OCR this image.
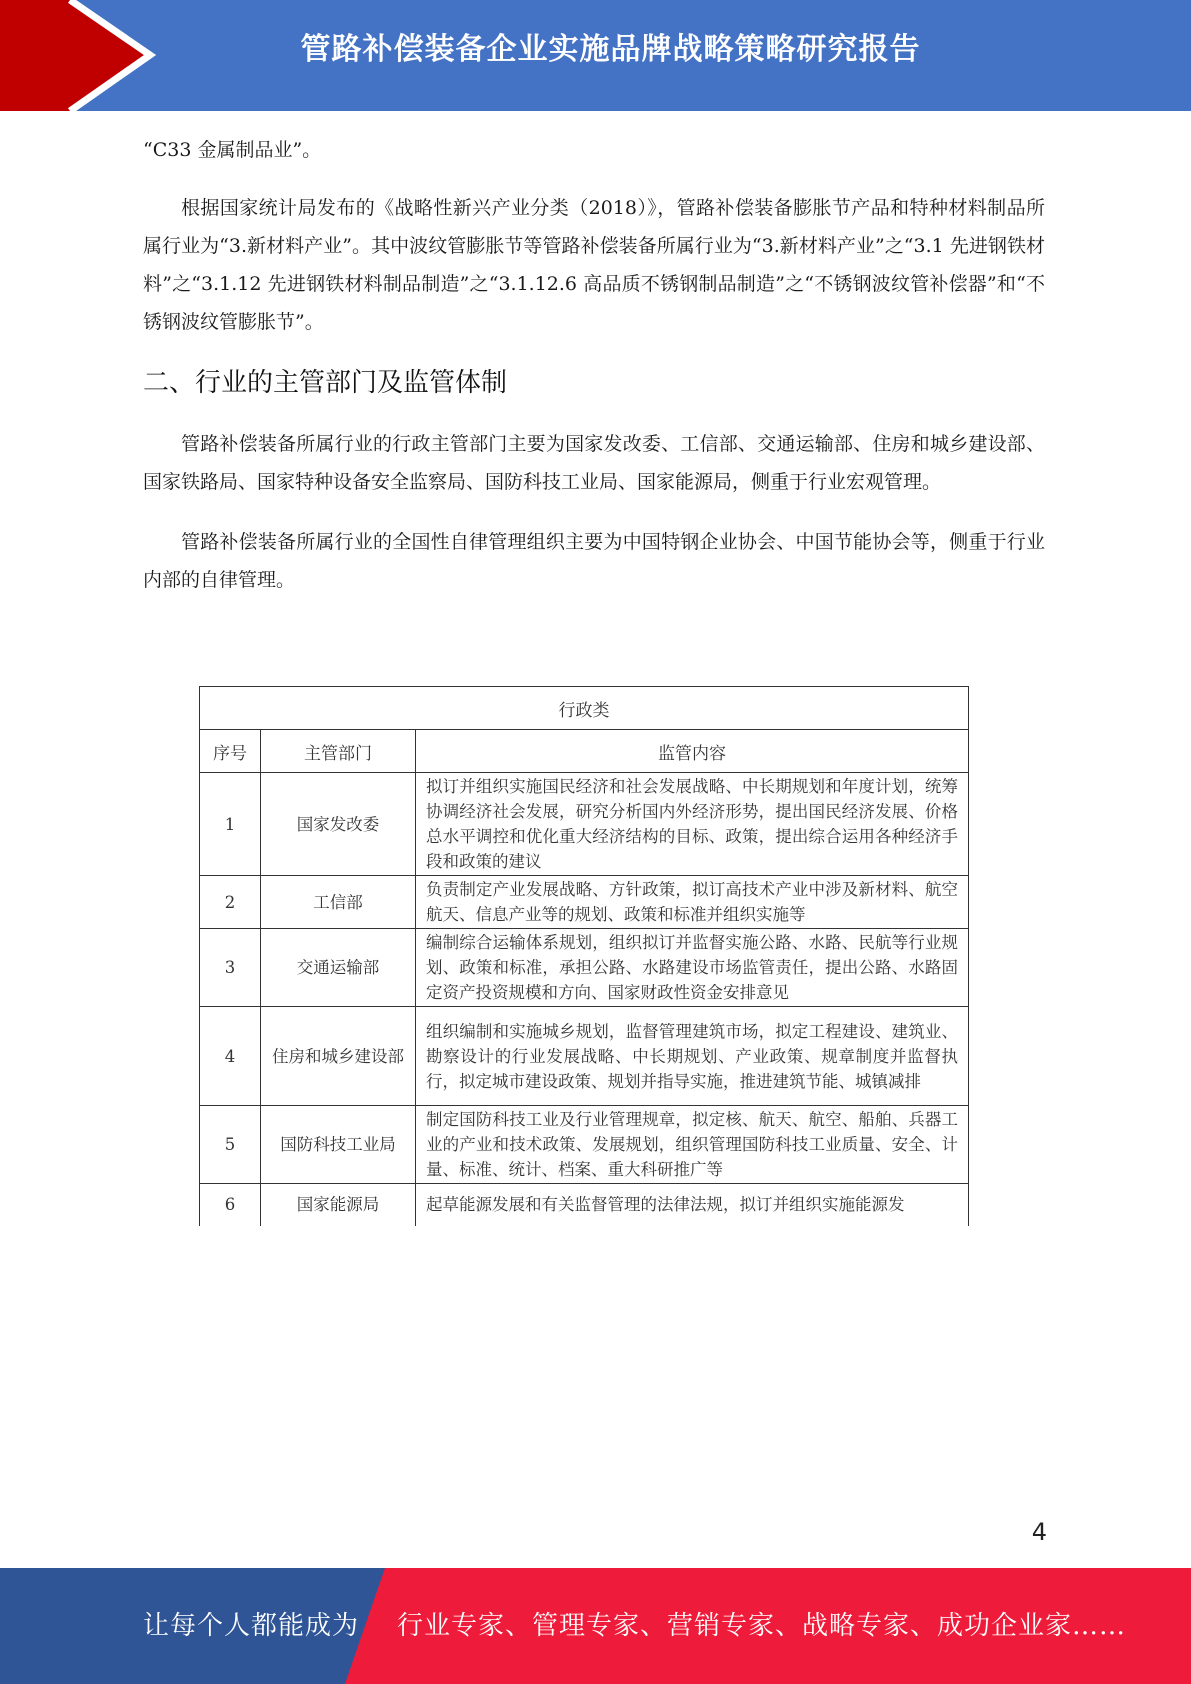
管路补偿装备企业实施品牌战略策略研究报告

“C33 金属制品业”。

根据国家统计局发布的《战略性新兴产业分类（2018）》，管路补偿装备膨胀节产品和特种材料制品所属行业为“3.新材料产业”。其中波纹管膨胀节等管路补偿装备所属行业为“3.新材料产业”之“3.1 先进钢铁材料”之“3.1.12 先进钢铁材料制品制造”之“3.1.12.6 高品质不锈钢制品制造”之“不锈钢波纹管补偿器”和“不锈钢波纹管膨胀节”。

二、行业的主管部门及监管体制

管路补偿装备所属行业的行政主管部门主要为国家发改委、工信部、交通运输部、住房和城乡建设部、国家铁路局、国家特种设备安全监察局、国防科技工业局、国家能源局，侧重于行业宏观管理。

管路补偿装备所属行业的全国性自律管理组织主要为中国特钢企业协会、中国节能协会等，侧重于行业内部的自律管理。

行政类		
序号	主管部门	监管内容
1	国家发改委	拟订并组织实施国民经济和社会发展战略、中长期规划和年度计划，统筹协调经济社会发展，研究分析国内外经济形势，提出国民经济发展、价格总水平调控和优化重大经济结构的目标、政策，提出综合运用各种经济手段和政策的建议
2	工信部	负责制定产业发展战略、方针政策，拟订高技术产业中涉及新材料、航空航天、信息产业等的规划、政策和标准并组织实施等
3	交通运输部	编制综合运输体系规划，组织拟订并监督实施公路、水路、民航等行业规划、政策和标准，承担公路、水路建设市场监管责任，提出公路、水路固定资产投资规模和方向、国家财政性资金安排意见
4	住房和城乡建设部	组织编制和实施城乡规划，监督管理建筑市场，拟定工程建设、建筑业、勘察设计的行业发展战略、中长期规划、产业政策、规章制度并监督执行，拟定城市建设政策、规划并指导实施，推进建筑节能、城镇减排
5	国防科技工业局	制定国防科技工业及行业管理规章，拟定核、航天、航空、船舶、兵器工业的产业和技术政策、发展规划，组织管理国防科技工业质量、安全、计量、标准、统计、档案、重大科研推广等
6	国家能源局	起草能源发展和有关监督管理的法律法规，拟订并组织实施能源发
4
让每个人都能成为 行业专家、管理专家、营销专家、战略专家、成功企业家……
